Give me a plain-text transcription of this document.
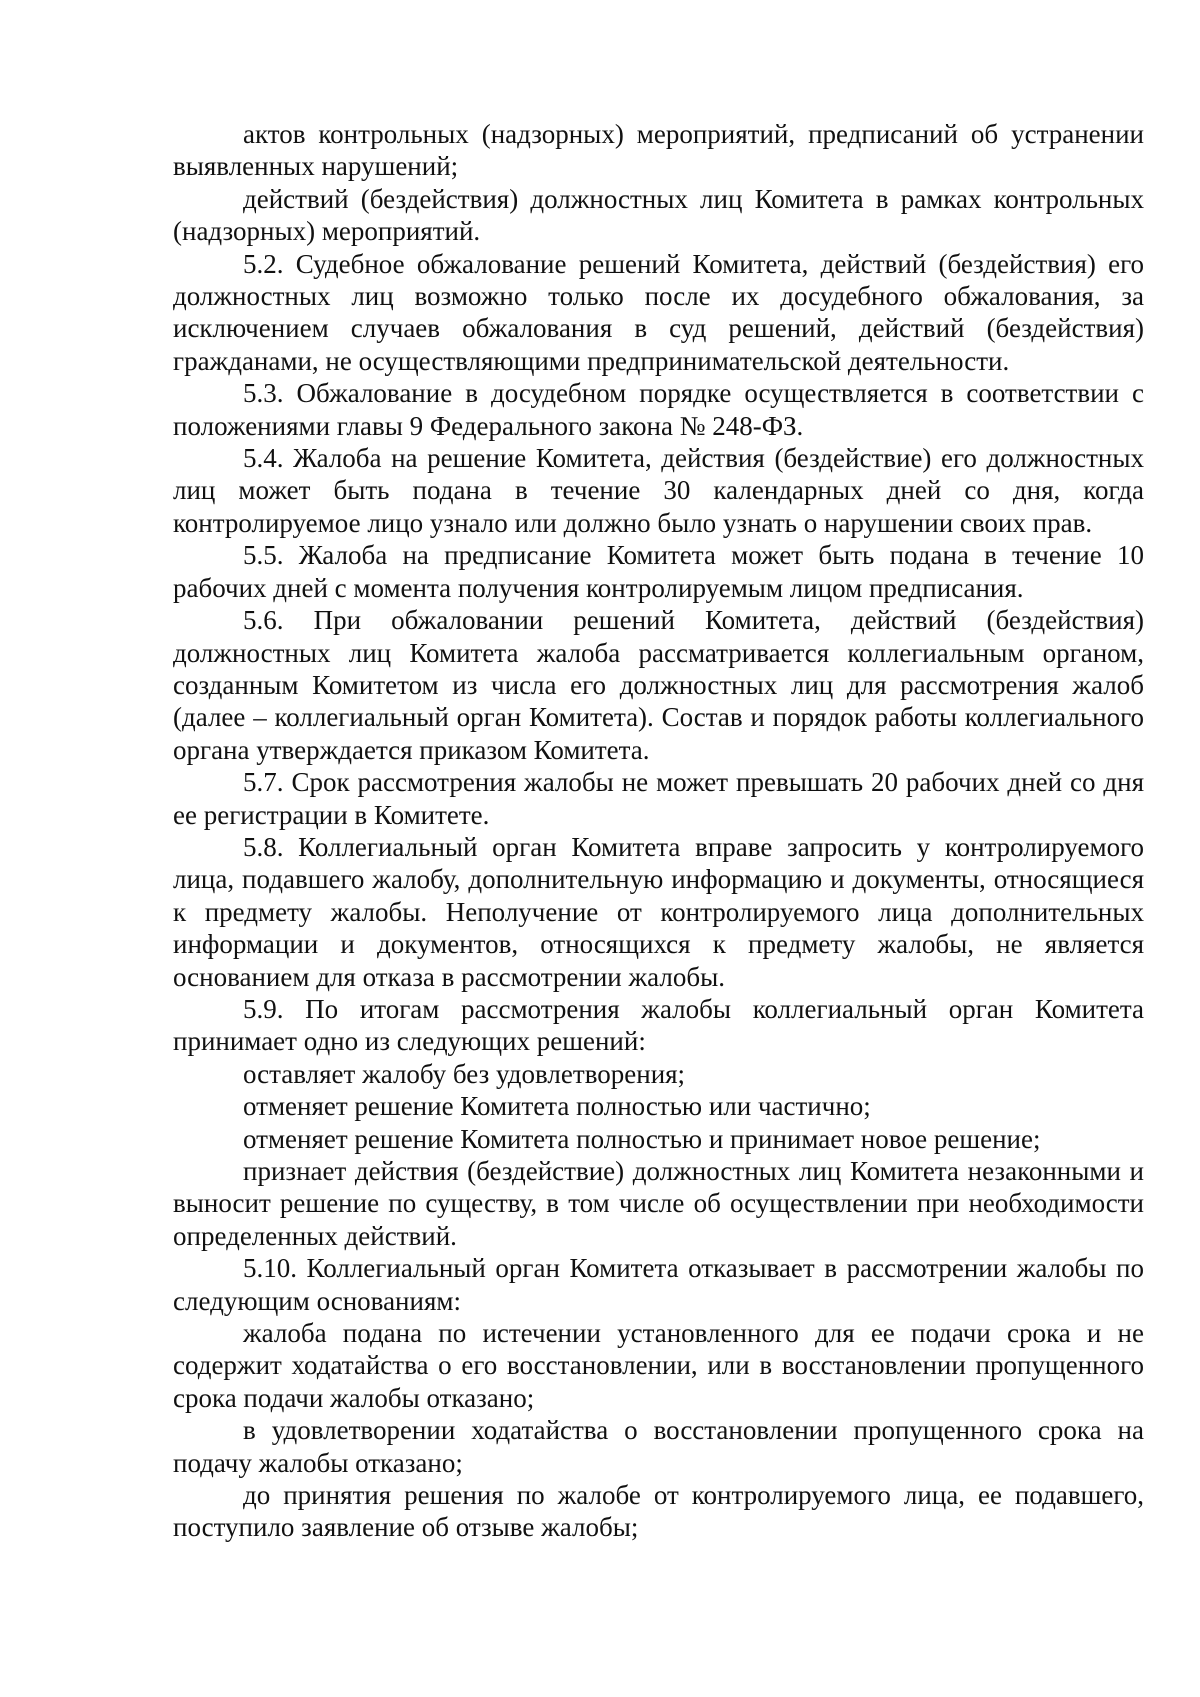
актов контрольных (надзорных) мероприятий, предписаний об устранении выявленных нарушений;

действий (бездействия) должностных лиц Комитета в рамках контрольных (надзорных) мероприятий.

5.2. Судебное обжалование решений Комитета, действий (бездействия) его должностных лиц возможно только после их досудебного обжалования, за исключением случаев обжалования в суд решений, действий (бездействия) гражданами, не осуществляющими предпринимательской деятельности.

5.3. Обжалование в досудебном порядке осуществляется в соответствии с положениями главы 9 Федерального закона № 248-ФЗ.

5.4. Жалоба на решение Комитета, действия (бездействие) его должностных лиц может быть подана в течение 30 календарных дней со дня, когда контролируемое лицо узнало или должно было узнать о нарушении своих прав.

5.5. Жалоба на предписание Комитета может быть подана в течение 10 рабочих дней с момента получения контролируемым лицом предписания.

5.6. При обжаловании решений Комитета, действий (бездействия) должностных лиц Комитета жалоба рассматривается коллегиальным органом, созданным Комитетом из числа его должностных лиц для рассмотрения жалоб (далее – коллегиальный орган Комитета). Состав и порядок работы коллегиального органа утверждается приказом Комитета.

5.7. Срок рассмотрения жалобы не может превышать 20 рабочих дней со дня ее регистрации в Комитете.

5.8. Коллегиальный орган Комитета вправе запросить у контролируемого лица, подавшего жалобу, дополнительную информацию и документы, относящиеся к предмету жалобы. Неполучение от контролируемого лица дополнительных информации и документов, относящихся к предмету жалобы, не является основанием для отказа в рассмотрении жалобы.

5.9. По итогам рассмотрения жалобы коллегиальный орган Комитета принимает одно из следующих решений:

оставляет жалобу без удовлетворения;

отменяет решение Комитета полностью или частично;

отменяет решение Комитета полностью и принимает новое решение;

признает действия (бездействие) должностных лиц Комитета незаконными и выносит решение по существу, в том числе об осуществлении при необходимости определенных действий.

5.10. Коллегиальный орган Комитета отказывает в рассмотрении жалобы по следующим основаниям:

жалоба подана по истечении установленного для ее подачи срока и не содержит ходатайства о его восстановлении, или в восстановлении пропущенного срока подачи жалобы отказано;

в удовлетворении ходатайства о восстановлении пропущенного срока на подачу жалобы отказано;

до принятия решения по жалобе от контролируемого лица, ее подавшего, поступило заявление об отзыве жалобы;
